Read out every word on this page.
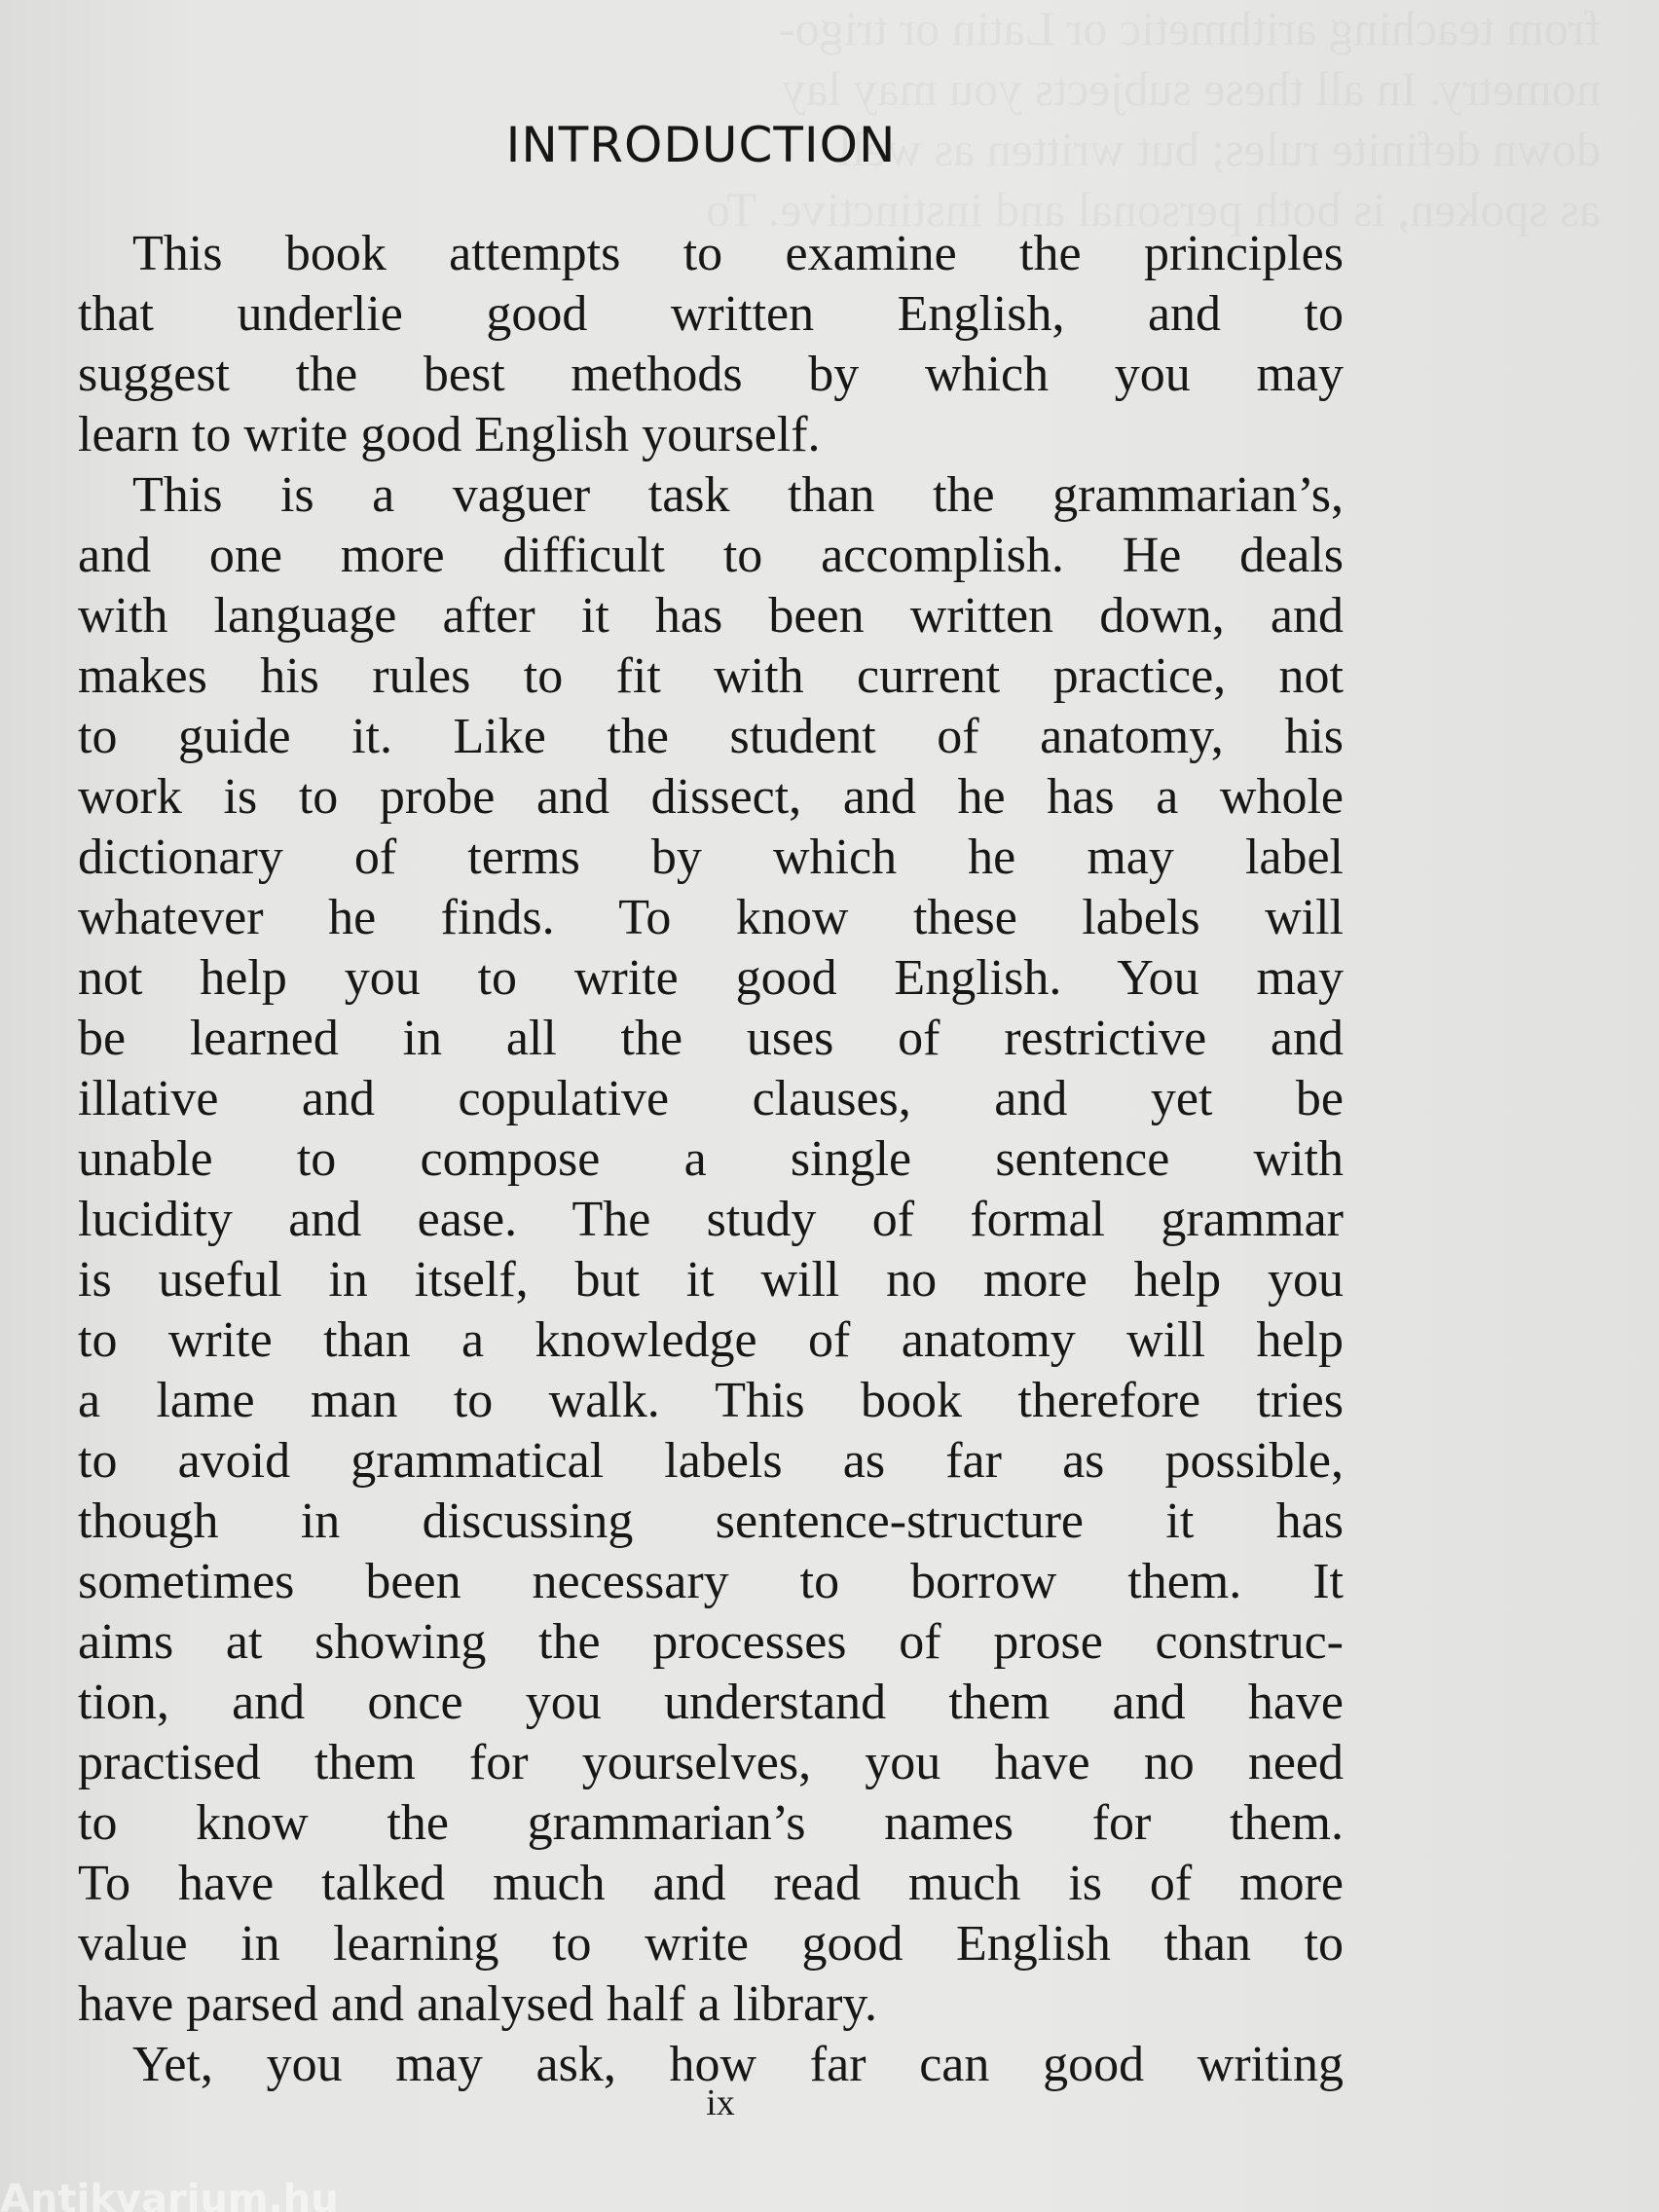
INTRODUCTION
This book attempts to examine the principles
that underlie good written English, and to
suggest the best methods by which you may
learn to write good English yourself.
This is a vaguer task than the grammarian’s,
and one more difficult to accomplish. He deals
with language after it has been written down, and
makes his rules to fit with current practice, not
to guide it. Like the student of anatomy, his
work is to probe and dissect, and he has a whole
dictionary of terms by which he may label
whatever he finds. To know these labels will
not help you to write good English. You may
be learned in all the uses of restrictive and
illative and copulative clauses, and yet be
unable to compose a single sentence with
lucidity and ease. The study of formal grammar
is useful in itself, but it will no more help you
to write than a knowledge of anatomy will help
a lame man to walk. This book therefore tries
to avoid grammatical labels as far as possible,
though in discussing sentence-structure it has
sometimes been necessary to borrow them. It
aims at showing the processes of prose construc-
tion, and once you understand them and have
practised them for yourselves, you have no need
to know the grammarian’s names for them.
To have talked much and read much is of more
value in learning to write good English than to
have parsed and analysed half a library.
Yet, you may ask, how far can good writing
ix
Antikvarium.hu
